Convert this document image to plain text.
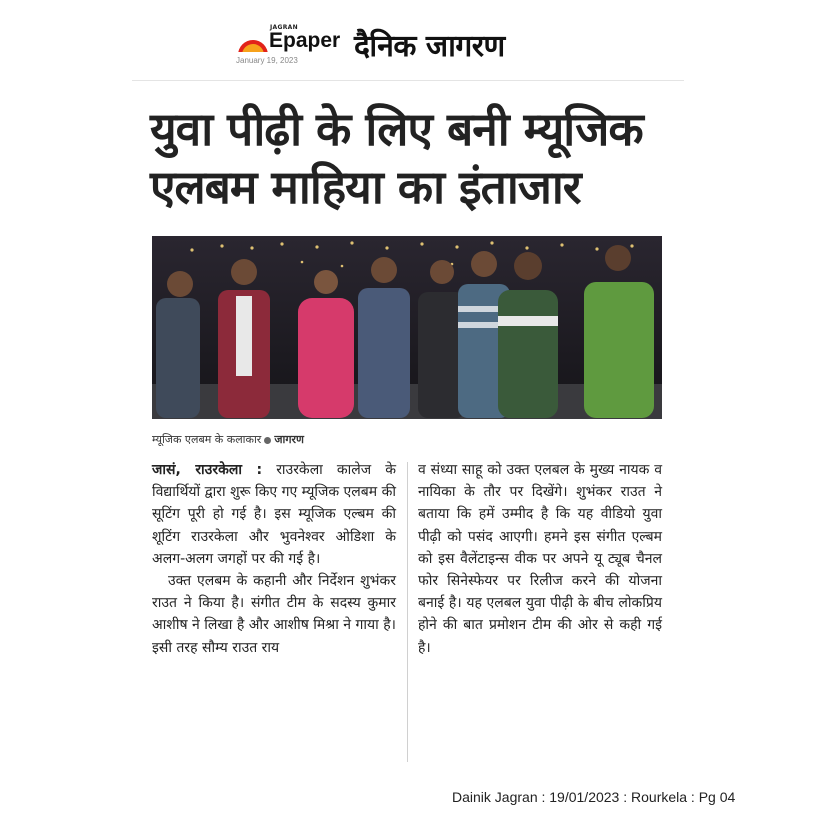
JAGRAN
Epaper
January 19, 2023 दैनिक जागरण
युवा पीढ़ी के लिए बनी म्यूजिक एलबम माहिया का इंताजार
म्यूजिक एलबम के कलाकार जागरण

जासं, राउरकेला : राउरकेला कालेज के विद्यार्थियों द्वारा शुरू किए गए म्यूजिक एलबम की सूटिंग पूरी हो गई है। इस म्यूजिक एल्बम की शूटिंग राउरकेला और भुवनेश्वर ओडिशा के अलग-अलग जगहों पर की गई है।

उक्त एलबम के कहानी और निर्देशन शुभंकर राउत ने किया है। संगीत टीम के सदस्य कुमार आशीष ने लिखा है और आशीष मिश्रा ने गाया है। इसी तरह सौम्य राउत राय

व संध्या साहू को उक्त एलबल के मुख्य नायक व नायिका के तौर पर दिखेंगे। शुभंकर राउत ने बताया कि हमें उम्मीद है कि यह वीडियो युवा पीढ़ी को पसंद आएगी। हमने इस संगीत एल्बम को इस वैलेंटाइन्स वीक पर अपने यू ट्यूब चैनल फोर सिनेस्फेयर पर रिलीज करने की योजना बनाई है। यह एलबल युवा पीढ़ी के बीच लोकप्रिय होने की बात प्रमोशन टीम की ओर से कही गई है।

Dainik Jagran : 19/01/2023 : Rourkela : Pg 04
